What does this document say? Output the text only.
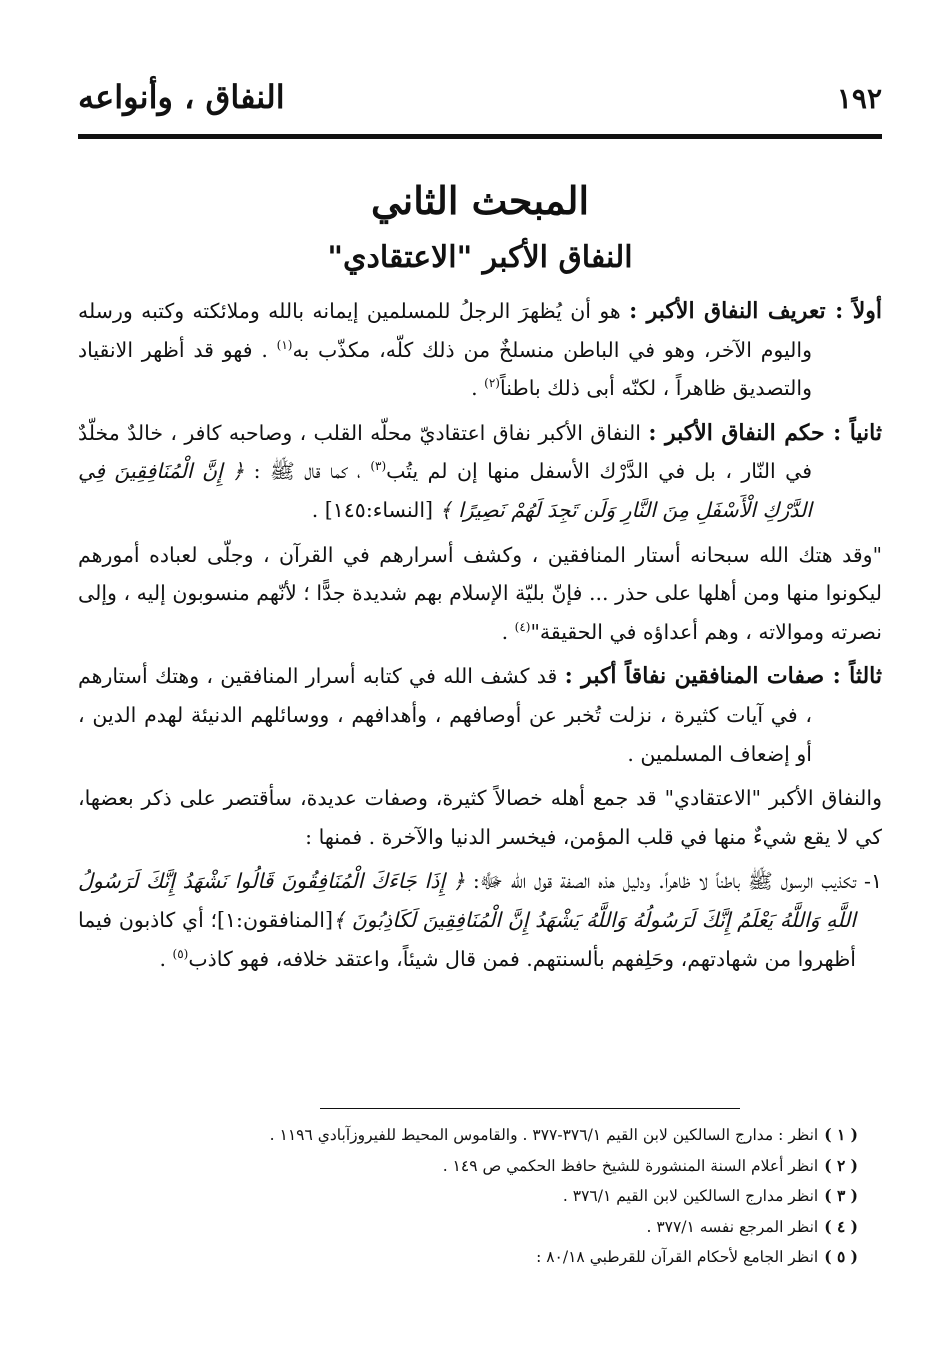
١٩٢
النفاق ، وأنواعه
المبحث الثاني
النفاق الأكبر "الاعتقادي"

أولاً : تعريف النفاق الأكبر : هو أن يُظهرَ الرجلُ للمسلمين إيمانه بالله وملائكته وكتبه ورسله واليوم الآخر، وهو في الباطن منسلخٌ من ذلك كلّه، مكذّب به$^{(١)}$ . فهو قد أظهر الانقياد والتصديق ظاهراً ، لكنّه أبى ذلك باطناً$^{(٢)}$ .

ثانياً : حكم النفاق الأكبر : النفاق الأكبر نفاق اعتقاديّ محلّه القلب ، وصاحبه كافر ، خالدٌ مخلّدٌ في النّار ، بل في الدَّرْك الأسفل منها إن لم يتُب$^{(٣)}$ ، كما قال ﷺ : ﴿ إِنَّ الْمُنَافِقِينَ فِي الدَّرْكِ الْأَسْفَلِ مِنَ النَّارِ وَلَن تَجِدَ لَهُمْ نَصِيرًا ﴾ [النساء:١٤٥] .

"وقد هتك الله سبحانه أستار المنافقين ، وكشف أسرارهم في القرآن ، وجلّى لعباده أمورهم ليكونوا منها ومن أهلها على حذر ... فإنّ بليّة الإسلام بهم شديدة جدًّا ؛ لأنّهم منسوبون إليه ، وإلى نصرته وموالاته ، وهم أعداؤه في الحقيقة"$^{(٤)}$ .

ثالثاً : صفات المنافقين نفاقاً أكبر : قد كشف الله في كتابه أسرار المنافقين ، وهتك أستارهم ، في آيات كثيرة ، نزلت تُخبر عن أوصافهم ، وأهدافهم ، ووسائلهم الدنيئة لهدم الدين ، أو إضعاف المسلمين .

والنفاق الأكبر "الاعتقادي" قد جمع أهله خصالاً كثيرة، وصفات عديدة، سأقتصر على ذكر بعضها، كي لا يقع شيءٌ منها في قلب المؤمن، فيخسر الدنيا والآخرة . فمنها :

١- تكذيب الرسول ﷺ باطناً لا ظاهراً. ودليل هذه الصفة قول الله ﷻ: ﴿ إِذَا جَاءَكَ الْمُنَافِقُونَ قَالُوا نَشْهَدُ إِنَّكَ لَرَسُولُ اللَّهِ وَاللَّهُ يَعْلَمُ إِنَّكَ لَرَسُولُهُ وَاللَّهُ يَشْهَدُ إِنَّ الْمُنَافِقِينَ لَكَاذِبُونَ ﴾[المنافقون:١]؛ أي كاذبون فيما أظهروا من شهادتهم، وحَلِفهم بألسنتهم. فمن قال شيئاً، واعتقد خلافه، فهو كاذب$^{(٥)}$ .

( ١ )انظر : مدارج السالكين لابن القيم ٣٧٦/١-٣٧٧ . والقاموس المحيط للفيروزآبادي ١١٩٦ .
( ٢ )انظر أعلام السنة المنشورة للشيخ حافظ الحكمي ص ١٤٩ .
( ٣ )انظر مدارج السالكين لابن القيم ٣٧٦/١ .
( ٤ )انظر المرجع نفسه ٣٧٧/١ .
( ٥ )انظر الجامع لأحكام القرآن للقرطبي ٨٠/١٨ :
